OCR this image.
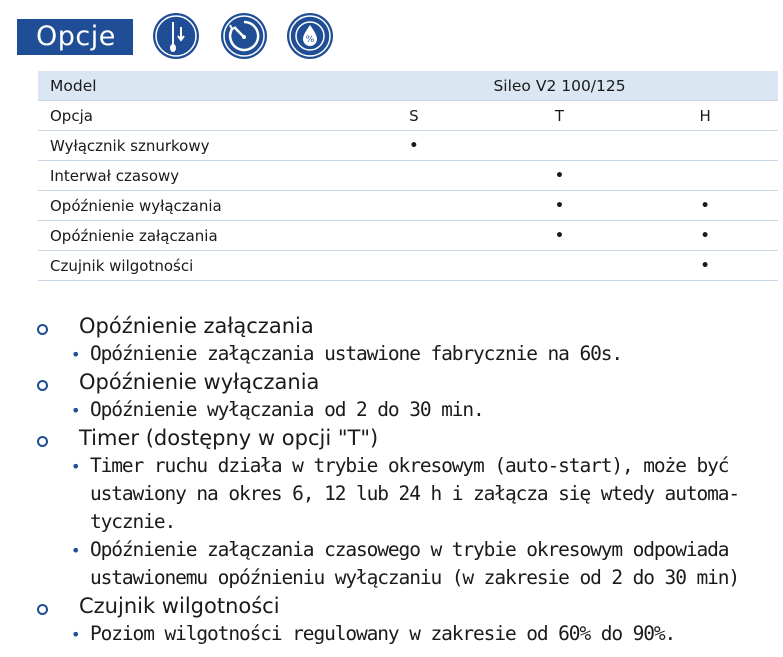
Opcje	%
Model	Sileo V2 100/125		
Opcja	S	T	H
Wyłącznik sznurkowy	•		
Interwał czasowy		•	
Opóźnienie wyłączania		•	•
Opóźnienie załączania		•	•
Czujnik wilgotności			•
Opóźnienie załączania
• Opóźnienie załączania ustawione fabrycznie na 60s.
Opóźnienie wyłączania
• Opóźnienie wyłączania od 2 do 30 min.
Timer (dostępny w opcji "T")
• Timer ruchu działa w trybie okresowym (auto-start), może być
ustawiony na okres 6, 12 lub 24 h i załącza się wtedy automa-
tycznie.
• Opóźnienie załączania czasowego w trybie okresowym odpowiada
ustawionemu opóźnieniu wyłączaniu (w zakresie od 2 do 30 min)
Czujnik wilgotności
• Poziom wilgotności regulowany w zakresie od 60% do 90%.
